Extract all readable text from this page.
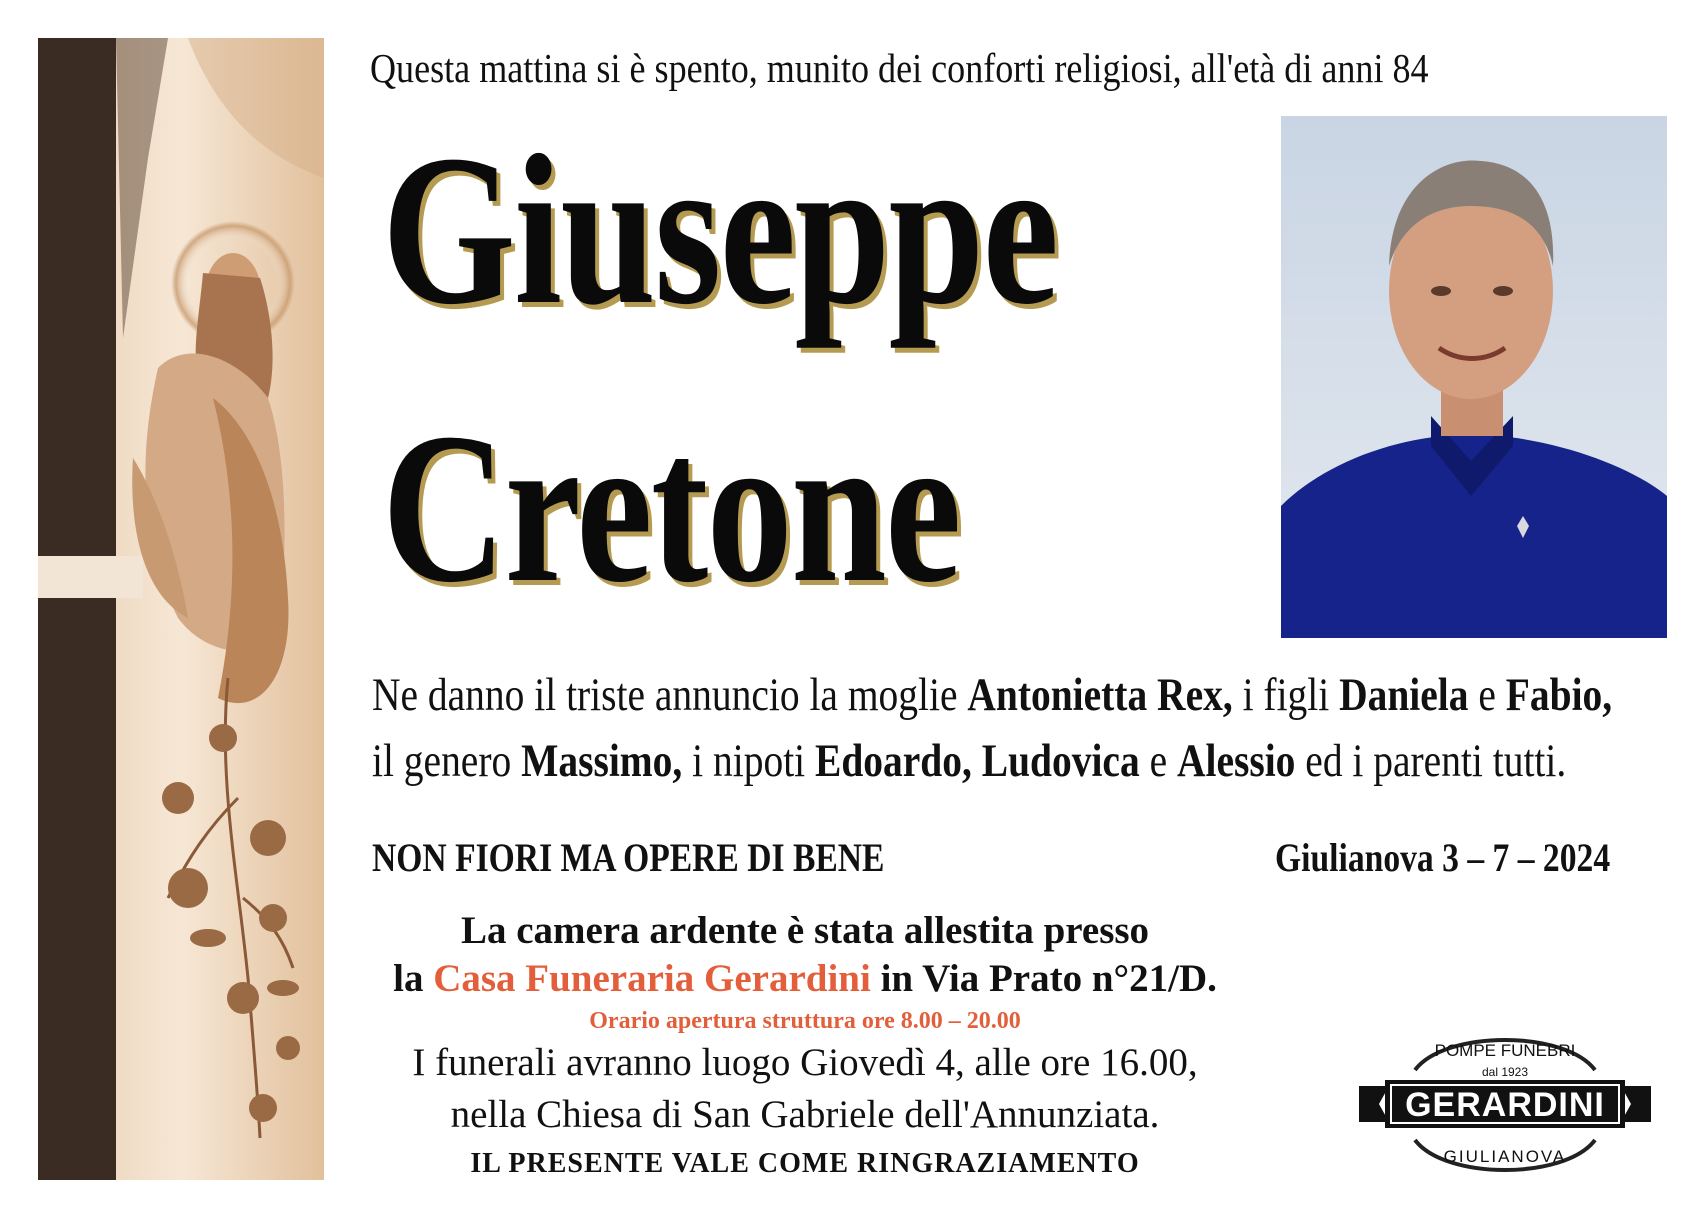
Questa mattina si è spento, munito dei conforti religiosi, all'età di anni 84
Giuseppe
Cretone
Ne danno il triste annuncio la moglie Antonietta Rex, i figli Daniela e Fabio,
il genero Massimo, i nipoti Edoardo, Ludovica e Alessio ed i parenti tutti.
NON FIORI MA OPERE DI BENE	Giulianova 3 – 7 – 2024
La camera ardente è stata allestita presso
la Casa Funeraria Gerardini in Via Prato n°21/D.
Orario apertura struttura ore 8.00 – 20.00
I funerali avranno luogo Giovedì 4, alle ore 16.00,
nella Chiesa di San Gabriele dell'Annunziata.
IL PRESENTE VALE COME RINGRAZIAMENTO
POMPE FUNEBRI
dal 1923
GERARDINI
GIULIANOVA
